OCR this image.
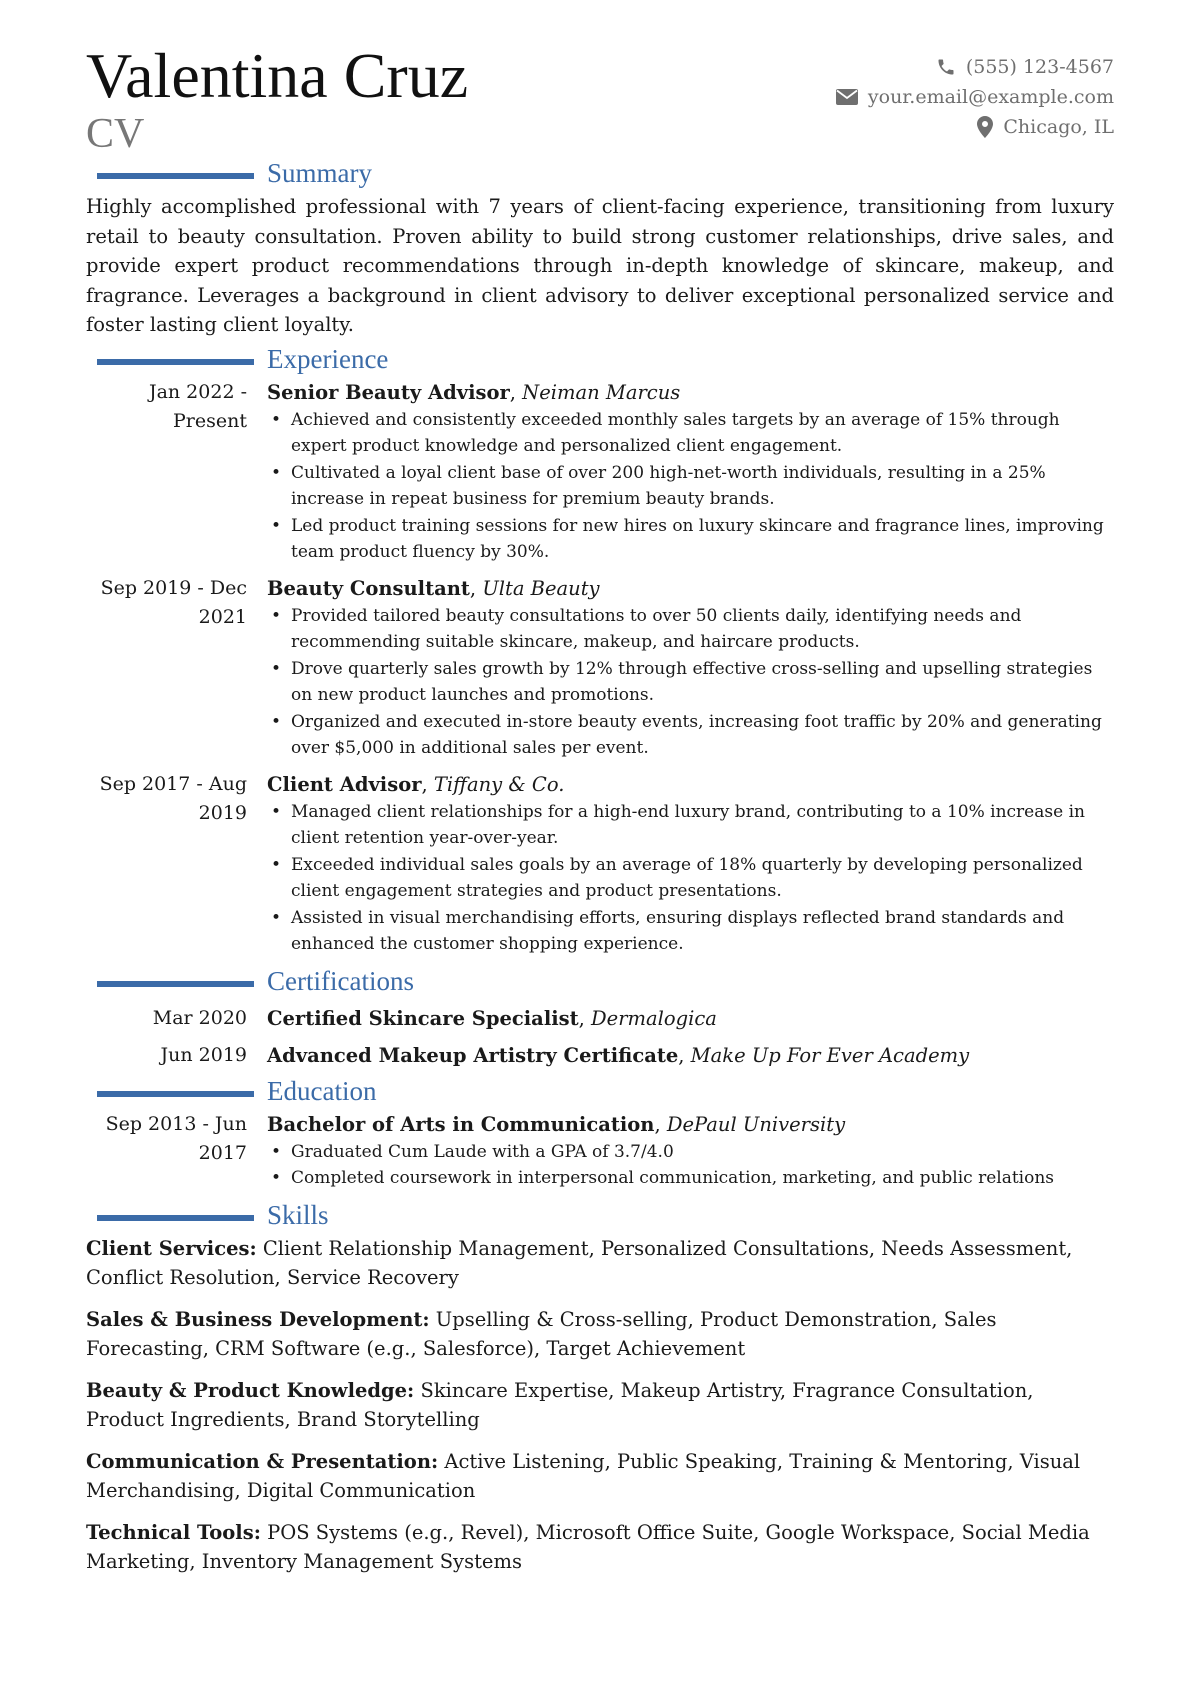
Valentina Cruz
CV
(555) 123-4567
your.email@example.com
Chicago, IL
Summary

Highly accomplished professional with 7 years of client-facing experience, transitioning from luxury retail to beauty consultation. Proven ability to build strong customer relationships, drive sales, and provide expert product recommendations through in-depth knowledge of skincare, makeup, and fragrance. Leverages a background in client advisory to deliver exceptional personalized service and foster lasting client loyalty.

Experience
Jan 2022 - Present
Senior Beauty Advisor, Neiman Marcus
• Achieved and consistently exceeded monthly sales targets by an average of 15% through expert product knowledge and personalized client engagement.
• Cultivated a loyal client base of over 200 high-net-worth individuals, resulting in a 25% increase in repeat business for premium beauty brands.
• Led product training sessions for new hires on luxury skincare and fragrance lines, improving team product fluency by 30%.
Sep 2019 - Dec 2021
Beauty Consultant, Ulta Beauty
• Provided tailored beauty consultations to over 50 clients daily, identifying needs and recommending suitable skincare, makeup, and haircare products.
• Drove quarterly sales growth by 12% through effective cross-selling and upselling strategies on new product launches and promotions.
• Organized and executed in-store beauty events, increasing foot traffic by 20% and generating over $5,000 in additional sales per event.
Sep 2017 - Aug 2019
Client Advisor, Tiffany & Co.
• Managed client relationships for a high-end luxury brand, contributing to a 10% increase in client retention year-over-year.
• Exceeded individual sales goals by an average of 18% quarterly by developing personalized client engagement strategies and product presentations.
• Assisted in visual merchandising efforts, ensuring displays reflected brand standards and enhanced the customer shopping experience.
Certifications
Mar 2020 Certified Skincare Specialist, Dermalogica
Jun 2019 Advanced Makeup Artistry Certificate, Make Up For Ever Academy
Education
Sep 2013 - Jun 2017
Bachelor of Arts in Communication, DePaul University
• Graduated Cum Laude with a GPA of 3.7/4.0
• Completed coursework in interpersonal communication, marketing, and public relations
Skills
Client Services: Client Relationship Management, Personalized Consultations, Needs Assessment, Conflict Resolution, Service Recovery
Sales & Business Development: Upselling & Cross-selling, Product Demonstration, Sales Forecasting, CRM Software (e.g., Salesforce), Target Achievement
Beauty & Product Knowledge: Skincare Expertise, Makeup Artistry, Fragrance Consultation, Product Ingredients, Brand Storytelling
Communication & Presentation: Active Listening, Public Speaking, Training & Mentoring, Visual Merchandising, Digital Communication
Technical Tools: POS Systems (e.g., Revel), Microsoft Office Suite, Google Workspace, Social Media Marketing, Inventory Management Systems
